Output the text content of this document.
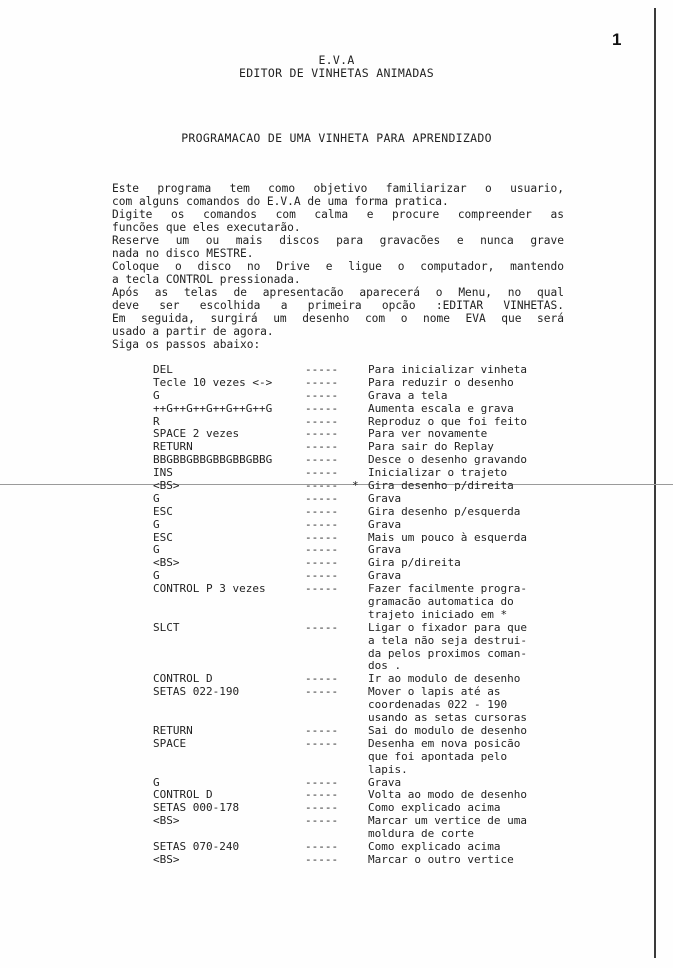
1
E.V.A
EDITOR DE VINHETAS ANIMADAS
PROGRAMACAO DE UMA VINHETA PARA APRENDIZADO
Este programa tem como objetivo familiarizar o usuario,
com alguns comandos do E.V.A de uma forma pratica.
Digite os comandos com calma e procure compreender as
funcões que eles executarão.
Reserve um ou mais discos para gravacões e nunca grave
nada no disco MESTRE.
Coloque o disco no Drive e ligue o computador, mantendo
a tecla CONTROL pressionada.
Após as telas de apresentacão aparecerá o Menu, no qual
deve ser escolhida a primeira opcão :EDITAR VINHETAS.
Em seguida, surgirá um desenho com o nome EVA que será
usado a partir de agora.
Siga os passos abaixo:
DEL	-----	Para inicializar vinheta
Tecle 10 vezes <->	-----	Para reduzir o desenho
G	-----	Grava a tela
++G++G++G++G++G++G	-----	Aumenta escala e grava
R	-----	Reproduz o que foi feito
SPACE 2 vezes	-----	Para ver novamente
RETURN	-----	Para sair do Replay
BBGBBGBBGBBGBBGBBG	-----	Desce o desenho gravando
INS	-----	Inicializar o trajeto
<BS>	----- * Gira desenho p/direita
G	-----	Grava
ESC	-----	Gira desenho p/esquerda
G	-----	Grava
ESC	-----	Mais um pouco à esquerda
G	-----	Grava
<BS>	-----	Gira p/direita
G	-----	Grava
CONTROL P 3 vezes	-----	Fazer facilmente progra-
gramacão automatica do
trajeto iniciado em *
SLCT	-----	Ligar o fixador para que
a tela não seja destrui-
da pelos proximos coman-
dos .
CONTROL D	-----	Ir ao modulo de desenho
SETAS 022-190	-----	Mover o lapis até as
coordenadas 022 - 190
usando as setas cursoras
RETURN	-----	Sai do modulo de desenho
SPACE	-----	Desenha em nova posicão
que foi apontada pelo
lapis.
G	-----	Grava
CONTROL D	-----	Volta ao modo de desenho
SETAS 000-178	-----	Como explicado acima
<BS>	-----	Marcar um vertice de uma
moldura de corte
SETAS 070-240	-----	Como explicado acima
<BS>	-----	Marcar o outro vertice
